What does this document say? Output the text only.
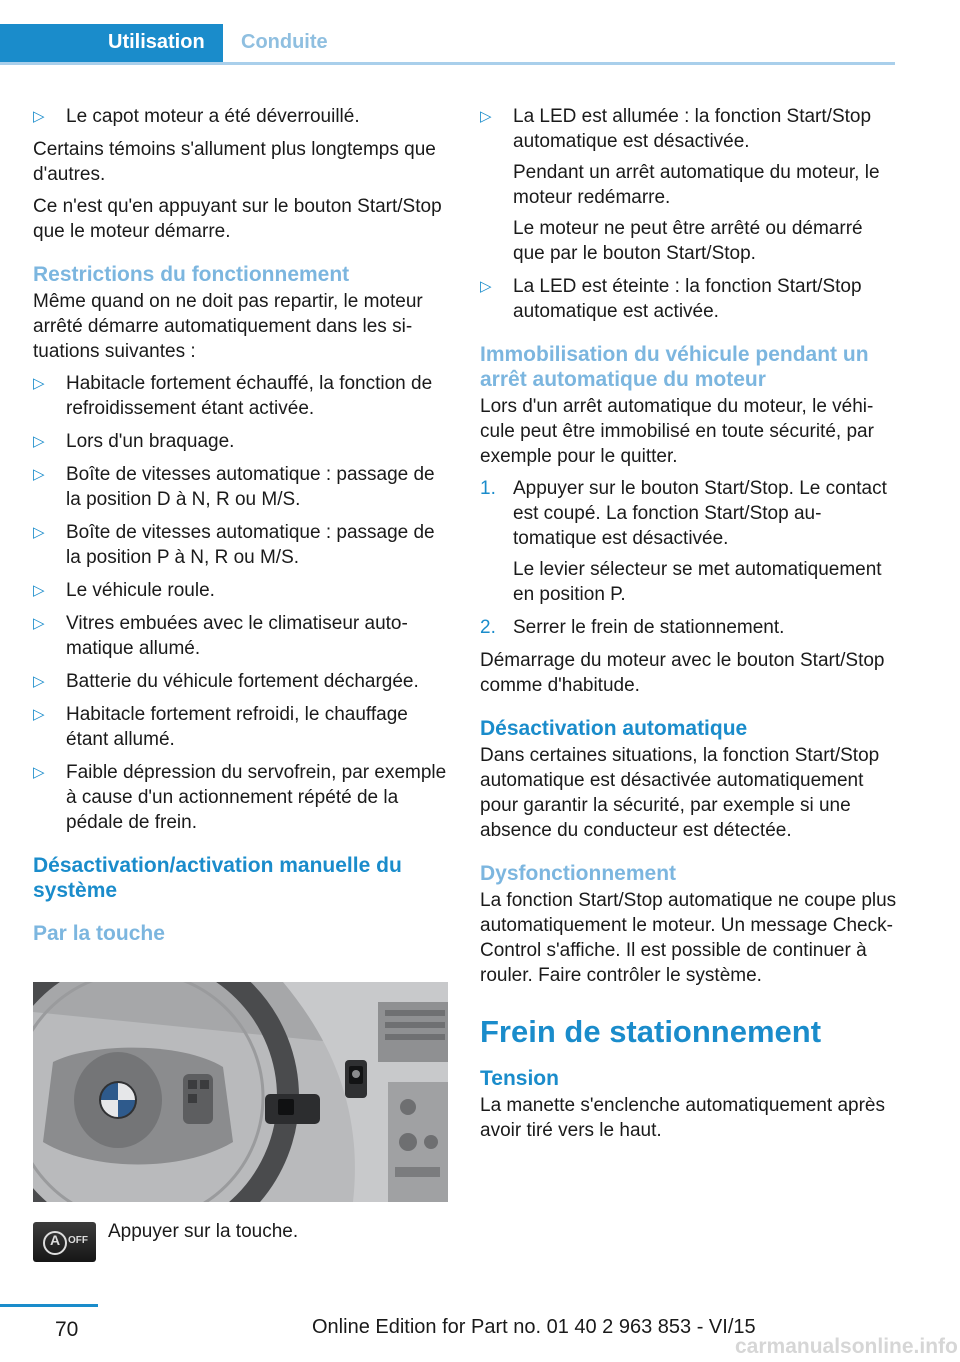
Utilisation Conduite
▷ Le capot moteur a été déverrouillé.

Certains témoins s'allument plus longtemps que d'autres.

Ce n'est qu'en appuyant sur le bouton Start/Stop que le moteur démarre.

Restrictions du fonctionnement

Même quand on ne doit pas repartir, le moteur arrêté démarre automatiquement dans les situations suivantes :

▷ Habitacle fortement échauffé, la fonction de refroidissement étant activée.
▷ Lors d'un braquage.
▷ Boîte de vitesses automatique : passage de la position D à N, R ou M/S.
▷ Boîte de vitesses automatique : passage de la position P à N, R ou M/S.
▷ Le véhicule roule.
▷ Vitres embuées avec le climatiseur automatique allumé.
▷ Batterie du véhicule fortement déchargée.
▷ Habitacle fortement refroidi, le chauffage étant allumé.
▷ Faible dépression du servofrein, par exemple à cause d'un actionnement répété de la pédale de frein.
Désactivation/activation manuelle du système
Par la touche
A OFF Appuyer sur la touche.
▷ La LED est allumée : la fonction Start/Stop automatique est désactivée.

Pendant un arrêt automatique du moteur, le moteur redémarre.

Le moteur ne peut être arrêté ou démarré que par le bouton Start/Stop.

▷ La LED est éteinte : la fonction Start/Stop automatique est activée.
Immobilisation du véhicule pendant un arrêt automatique du moteur

Lors d'un arrêt automatique du moteur, le véhicule peut être immobilisé en toute sécurité, par exemple pour le quitter.

1. Appuyer sur le bouton Start/Stop. Le contact est coupé. La fonction Start/Stop automatique est désactivée.

Le levier sélecteur se met automatiquement en position P.

2. Serrer le frein de stationnement.

Démarrage du moteur avec le bouton Start/Stop comme d'habitude.

Désactivation automatique

Dans certaines situations, la fonction Start/Stop automatique est désactivée automatiquement pour garantir la sécurité, par exemple si une absence du conducteur est détectée.

Dysfonctionnement

La fonction Start/Stop automatique ne coupe plus automatiquement le moteur. Un message Check-Control s'affiche. Il est possible de continuer à rouler. Faire contrôler le système.

Frein de stationnement
Tension

La manette s'enclenche automatiquement après avoir tiré vers le haut.

70	Online Edition for Part no. 01 40 2 963 853 - VI/15
carmanualsonline.info
